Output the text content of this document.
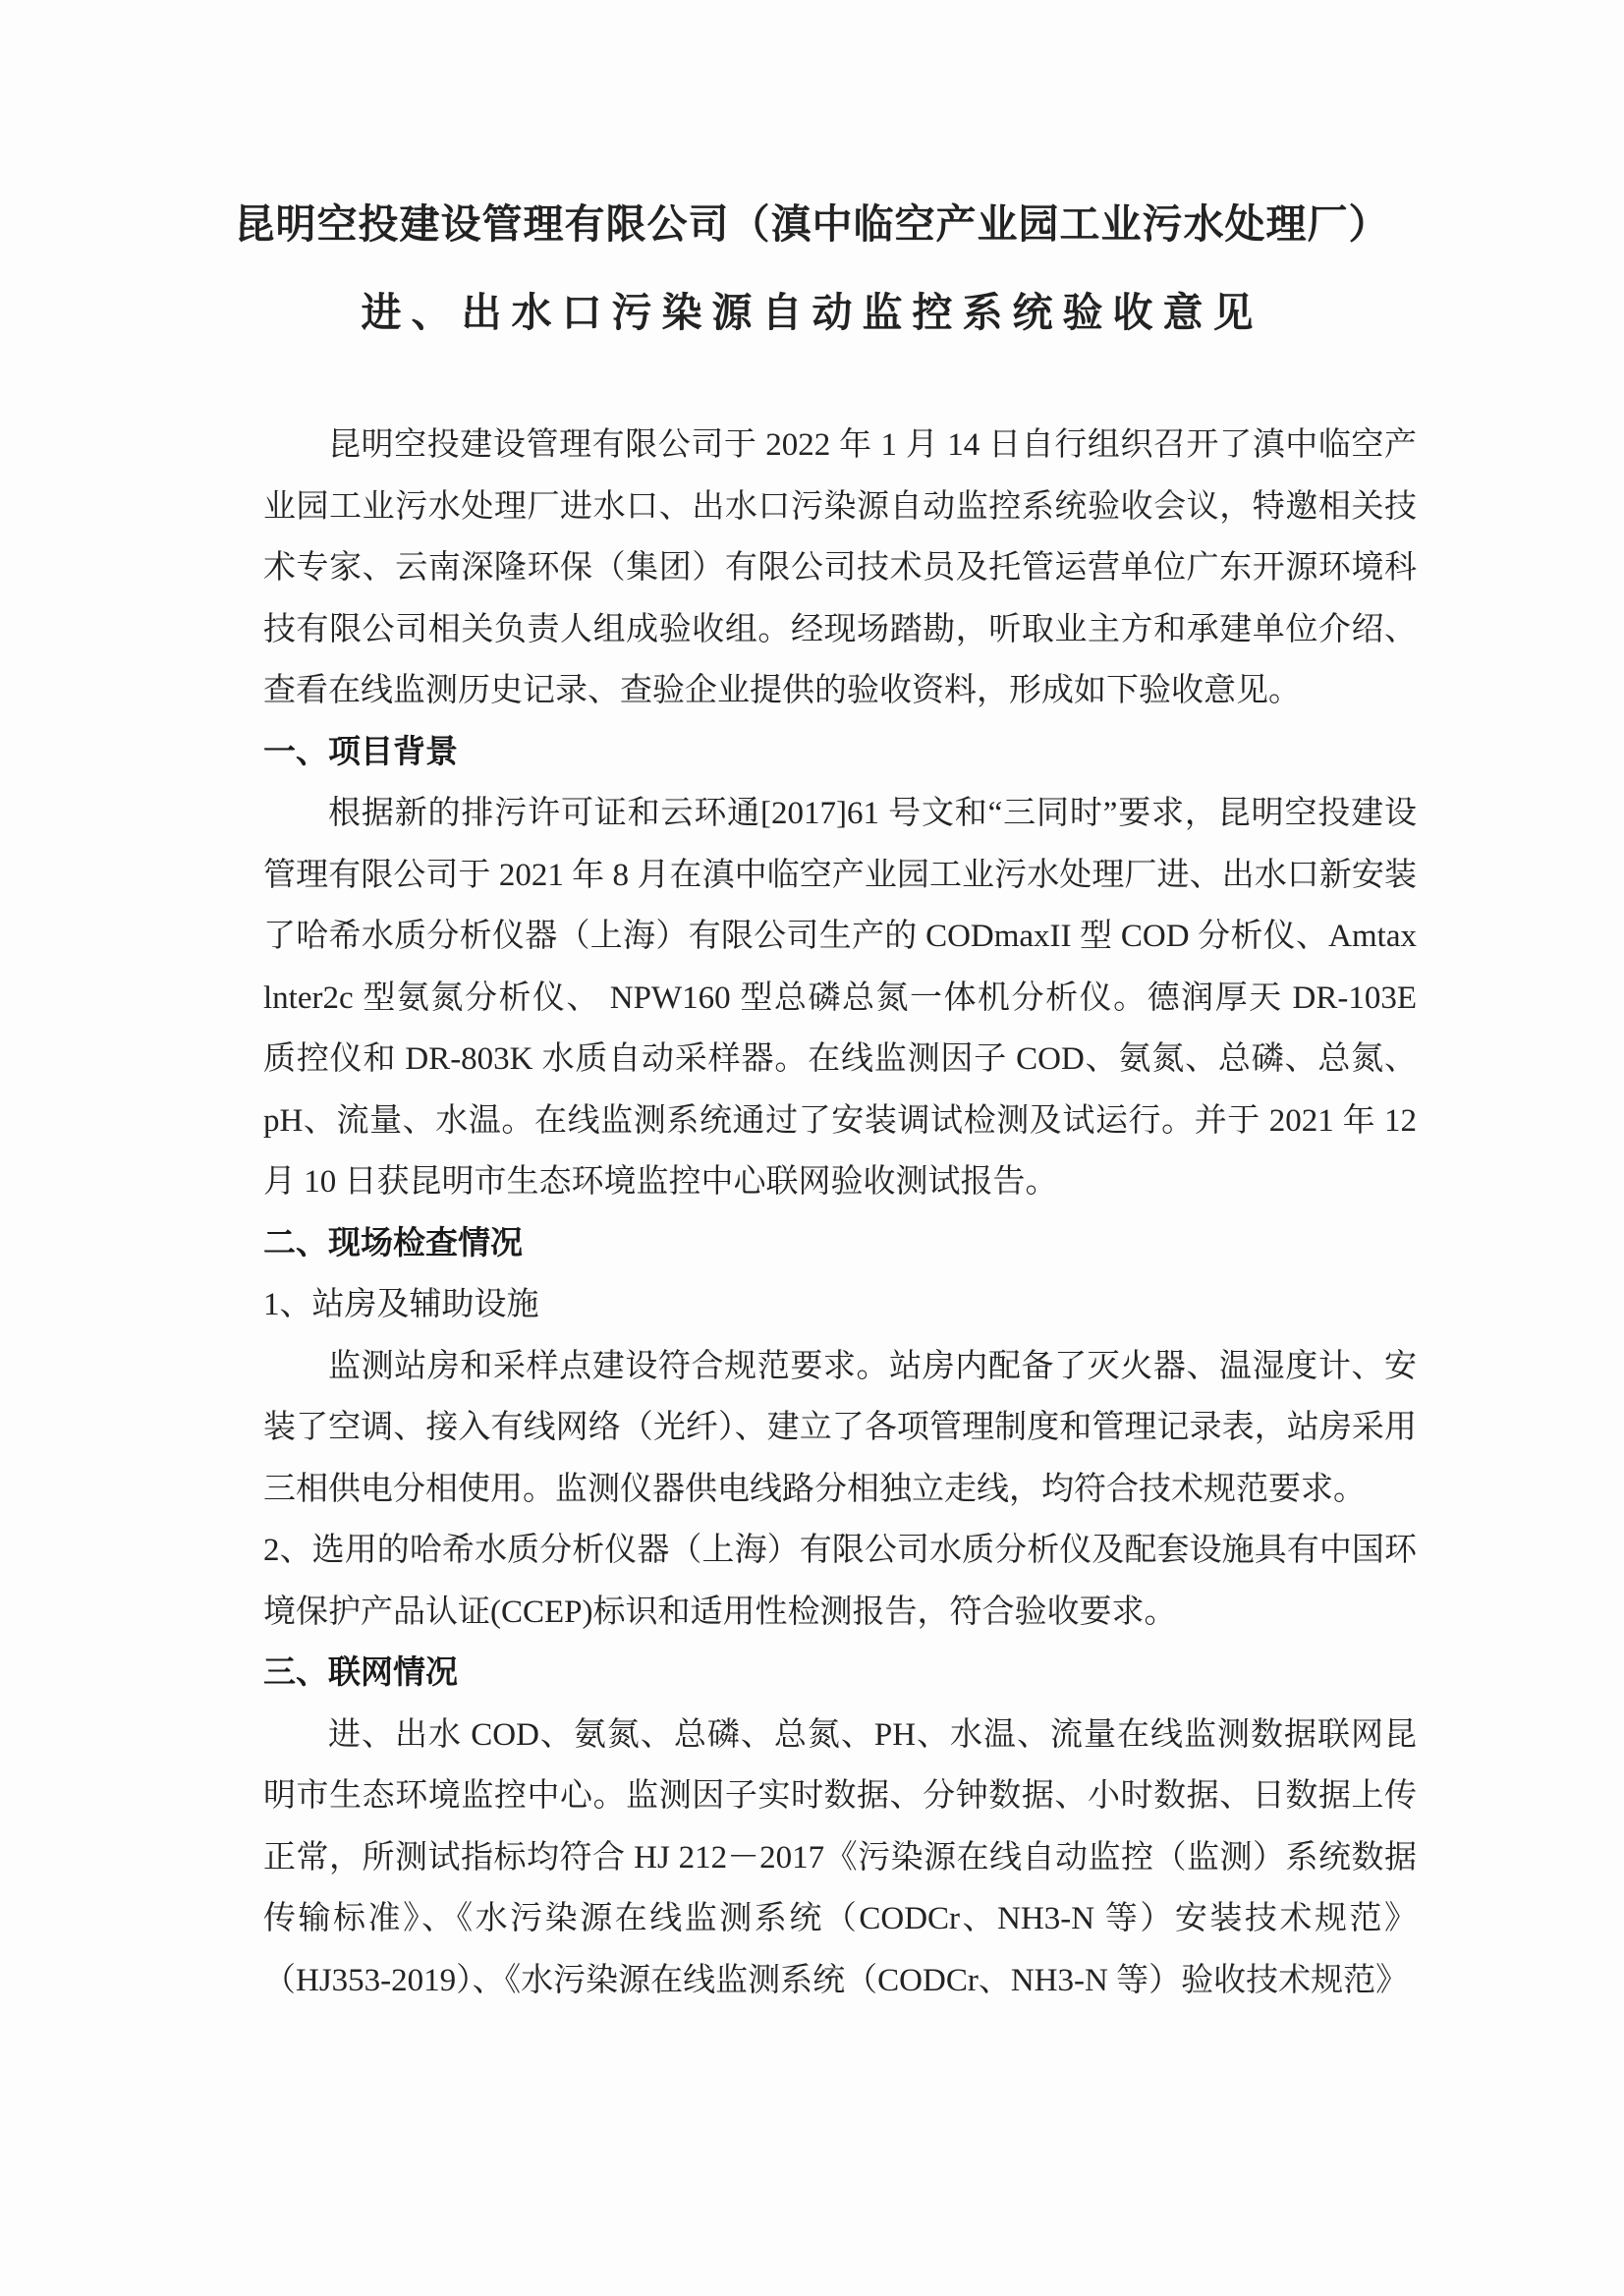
昆明空投建设管理有限公司（滇中临空产业园工业污水处理厂）
进、出水口污染源自动监控系统验收意见

昆明空投建设管理有限公司于 2022 年 1 月 14 日自行组织召开了滇中临空产业园工业污水处理厂进水口、出水口污染源自动监控系统验收会议，特邀相关技术专家、云南深隆环保（集团）有限公司技术员及托管运营单位广东开源环境科技有限公司相关负责人组成验收组。经现场踏勘，听取业主方和承建单位介绍、查看在线监测历史记录、查验企业提供的验收资料，形成如下验收意见。

一、项目背景

根据新的排污许可证和云环通[2017]61 号文和“三同时”要求，昆明空投建设管理有限公司于 2021 年 8 月在滇中临空产业园工业污水处理厂进、出水口新安装了哈希水质分析仪器（上海）有限公司生产的 CODmaxII 型 COD 分析仪、Amtax lnter2c 型氨氮分析仪、 NPW160 型总磷总氮一体机分析仪。德润厚天 DR-103E 质控仪和 DR-803K 水质自动采样器。在线监测因子 COD、氨氮、总磷、总氮、pH、流量、水温。在线监测系统通过了安装调试检测及试运行。并于 2021 年 12 月 10 日获昆明市生态环境监控中心联网验收测试报告。

二、现场检查情况

1、站房及辅助设施

监测站房和采样点建设符合规范要求。站房内配备了灭火器、温湿度计、安装了空调、接入有线网络（光纤）、建立了各项管理制度和管理记录表，站房采用三相供电分相使用。监测仪器供电线路分相独立走线，均符合技术规范要求。

2、选用的哈希水质分析仪器（上海）有限公司水质分析仪及配套设施具有中国环境保护产品认证(CCEP)标识和适用性检测报告，符合验收要求。

三、联网情况

进、出水 COD、氨氮、总磷、总氮、PH、水温、流量在线监测数据联网昆明市生态环境监控中心。监测因子实时数据、分钟数据、小时数据、日数据上传正常，所测试指标均符合 HJ 212－2017《污染源在线自动监控（监测）系统数据传输标准》、《水污染源在线监测系统（CODCr、NH3-N 等）安装技术规范》（HJ353-2019）、《水污染源在线监测系统（CODCr、NH3-N 等）验收技术规范》
